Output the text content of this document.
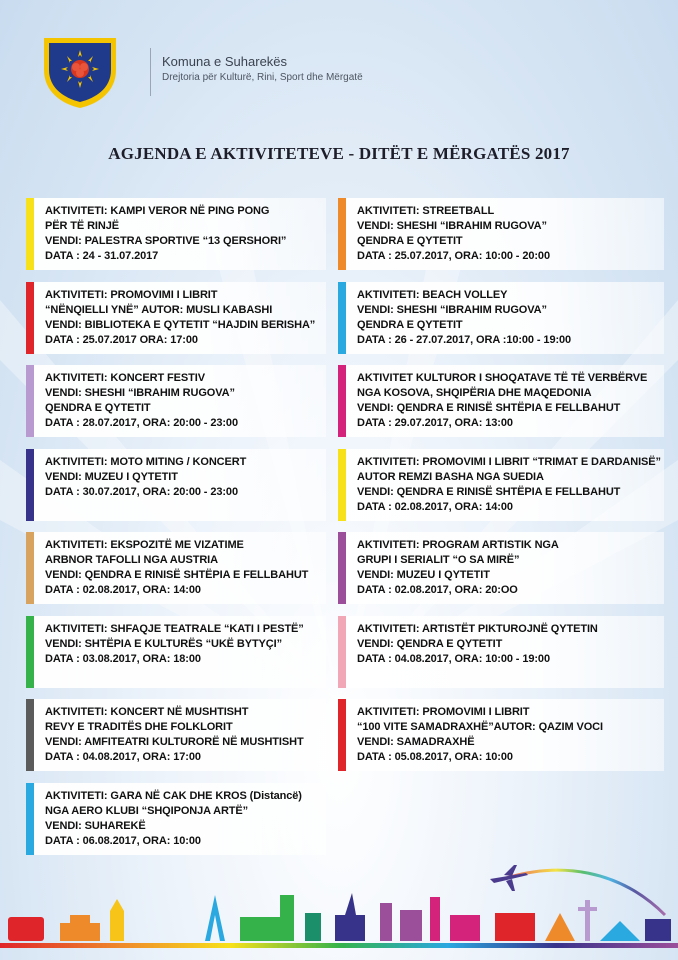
Komuna e Suharekës
Drejtoria për Kulturë, Rini, Sport dhe Mërgatë
AGJENDA E AKTIVITETEVE - DITËT E MËRGATËS 2017
AKTIVITETI: KAMPI VEROR NË PING PONG
PËR TË RINJË
VENDI: PALESTRA SPORTIVE “13 QERSHORI”
DATA : 24 - 31.07.2017
AKTIVITETI: PROMOVIMI I LIBRIT
“NËNQIELLI YNË” AUTOR: MUSLI KABASHI
VENDI: BIBLIOTEKA E QYTETIT “HAJDIN BERISHA”
DATA : 25.07.2017 ORA: 17:00
AKTIVITETI: KONCERT FESTIV
VENDI: SHESHI “IBRAHIM RUGOVA”
QENDRA E QYTETIT
DATA : 28.07.2017, ORA: 20:00 - 23:00
AKTIVITETI: MOTO MITING / KONCERT
VENDI: MUZEU I QYTETIT
DATA : 30.07.2017, ORA: 20:00 - 23:00
AKTIVITETI: EKSPOZITË ME VIZATIME
ARBNOR TAFOLLI NGA AUSTRIA
VENDI: QENDRA E RINISË SHTËPIA E FELLBAHUT
DATA : 02.08.2017, ORA: 14:00
AKTIVITETI: SHFAQJE TEATRALE “KATI I PESTË”
VENDI: SHTËPIA E KULTURËS “UKË BYTYÇI”
DATA : 03.08.2017, ORA: 18:00
AKTIVITETI: KONCERT NË MUSHTISHT
REVY E TRADITËS DHE FOLKLORIT
VENDI: AMFITEATRI KULTURORË NË MUSHTISHT
DATA : 04.08.2017, ORA: 17:00
AKTIVITETI: GARA NË CAK DHE KROS (Distancë)
NGA AERO KLUBI “SHQIPONJA ARTË”
VENDI: SUHAREKË
DATA : 06.08.2017, ORA: 10:00
AKTIVITETI: STREETBALL
VENDI: SHESHI “IBRAHIM RUGOVA”
QENDRA E QYTETIT
DATA : 25.07.2017, ORA: 10:00 - 20:00
AKTIVITETI: BEACH VOLLEY
VENDI: SHESHI “IBRAHIM RUGOVA”
QENDRA E QYTETIT
DATA : 26 - 27.07.2017, ORA :10:00 - 19:00
AKTIVITET KULTUROR I SHOQATAVE TË TË VERBËRVE
NGA KOSOVA, SHQIPËRIA DHE MAQEDONIA
VENDI: QENDRA E RINISË SHTËPIA E FELLBAHUT
DATA : 29.07.2017, ORA: 13:00
AKTIVITETI: PROMOVIMI I LIBRIT “TRIMAT E DARDANISË”
AUTOR REMZI BASHA NGA SUEDIA
VENDI: QENDRA E RINISË SHTËPIA E FELLBAHUT
DATA : 02.08.2017, ORA: 14:00
AKTIVITETI: PROGRAM ARTISTIK NGA
GRUPI I SERIALIT “O SA MIRË”
VENDI: MUZEU I QYTETIT
DATA : 02.08.2017, ORA: 20:OO
AKTIVITETI: ARTISTËT PIKTUROJNË QYTETIN
VENDI: QENDRA E QYTETIT
DATA : 04.08.2017, ORA: 10:00 - 19:00
AKTIVITETI: PROMOVIMI I LIBRIT
“100 VITE SAMADRAXHË”AUTOR: QAZIM VOCI
VENDI: SAMADRAXHË
DATA : 05.08.2017, ORA: 10:00
